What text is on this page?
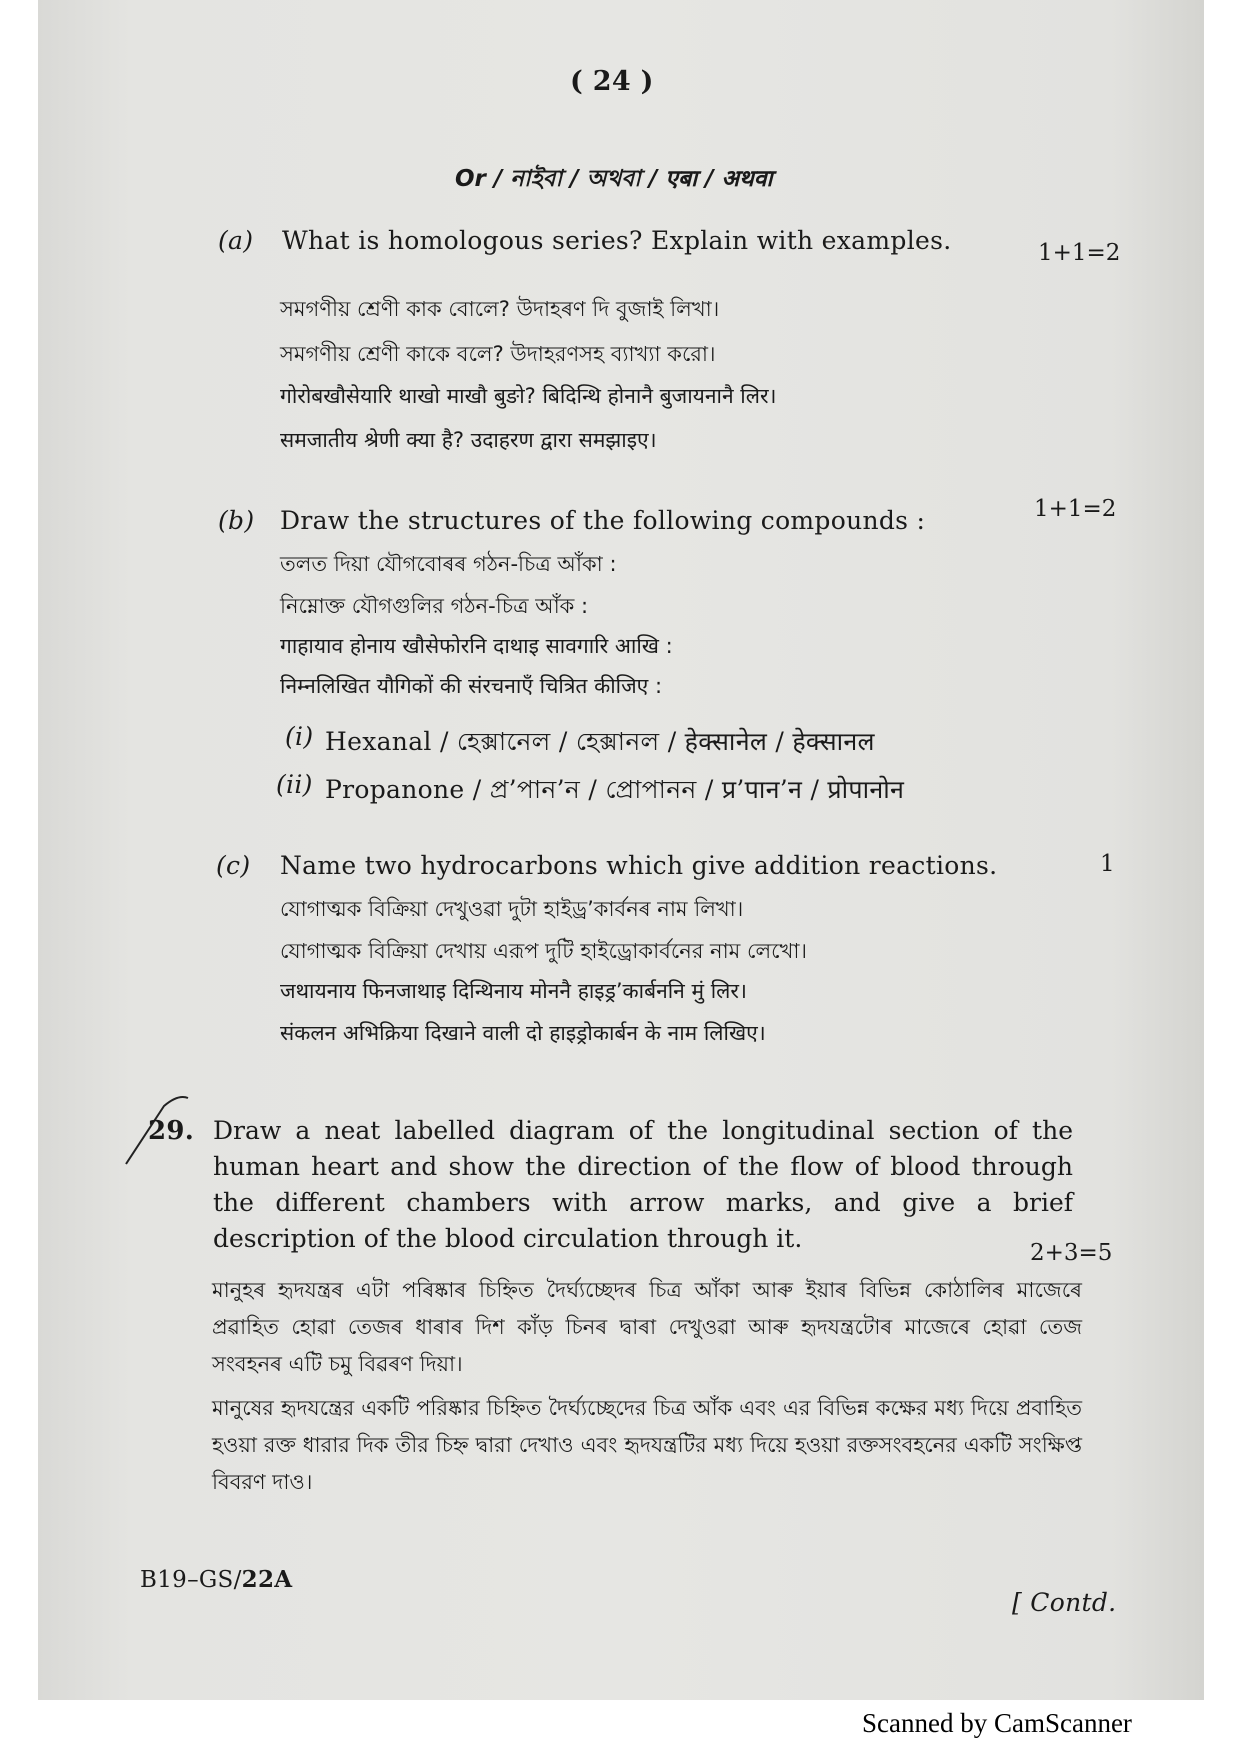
( 24 )
Or / নাইবা / অথবা / एबा / अथवा
(a) What is homologous series? Explain with examples.	1+1=2
সমগণীয় শ্ৰেণী কাক বোলে? উদাহৰণ দি বুজাই লিখা।
সমগণীয় শ্রেণী কাকে বলে? উদাহরণসহ ব্যাখ্যা করো।
गोरोबखौसेयारि थाखो माखौ बुङो? बिदिन्थि होनानै बुजायनानै लिर।
समजातीय श्रेणी क्या है? उदाहरण द्वारा समझाइए।
(b) Draw the structures of the following compounds :	1+1=2
তলত দিয়া যৌগবোৰৰ গঠন-চিত্ৰ আঁকা :
নিম্নোক্ত যৌগগুলির গঠন-চিত্র আঁক :
गाहायाव होनाय खौसेफोरनि दाथाइ सावगारि आखि :
निम्नलिखित यौगिकों की संरचनाएँ चित्रित कीजिए :
(i) Hexanal / হেক্সানেল / হেক্সানল / हेक्सानेल / हेक्सानल
(ii) Propanone / প্ৰ’পান’ন / প্রোপানন / प्र’पान’न / प्रोपानोन
(c) Name two hydrocarbons which give addition reactions.	1
যোগাত্মক বিক্ৰিয়া দেখুওৱা দুটা হাইড্ৰ’কাৰ্বনৰ নাম লিখা।
যোগাত্মক বিক্রিয়া দেখায় এরূপ দুটি হাইড্রোকার্বনের নাম লেখো।
जथायनाय फिनजाथाइ दिन्थिनाय मोननै हाइड्र’कार्बननि मुं लिर।
संकलन अभिक्रिया दिखाने वाली दो हाइड्रोकार्बन के नाम लिखिए।
29. Draw a neat labelled diagram of the longitudinal section of the human heart and show the direction of the flow of blood through the different chambers with arrow marks, and give a brief description of the blood circulation through it.	2+3=5
মানুহৰ হৃদযন্ত্ৰৰ এটা পৰিষ্কাৰ চিহ্নিত দৈৰ্ঘ্যচ্ছেদৰ চিত্ৰ আঁকা আৰু ইয়াৰ বিভিন্ন কোঠালিৰ মাজেৰে প্ৰৱাহিত হোৱা তেজৰ ধাৰাৰ দিশ কাঁড় চিনৰ দ্বাৰা দেখুওৱা আৰু হৃদযন্ত্ৰটোৰ মাজেৰে হোৱা তেজ সংবহনৰ এটি চমু বিৱৰণ দিয়া।
মানুষের হৃদযন্ত্রের একটি পরিষ্কার চিহ্নিত দৈর্ঘ্যচ্ছেদের চিত্র আঁক এবং এর বিভিন্ন কক্ষের মধ্য দিয়ে প্রবাহিত হওয়া রক্ত ধারার দিক তীর চিহ্ন দ্বারা দেখাও এবং হৃদযন্ত্রটির মধ্য দিয়ে হওয়া রক্তসংবহনের একটি সংক্ষিপ্ত বিবরণ দাও।
B19–GS/22A
[ Contd.
Scanned by CamScanner
